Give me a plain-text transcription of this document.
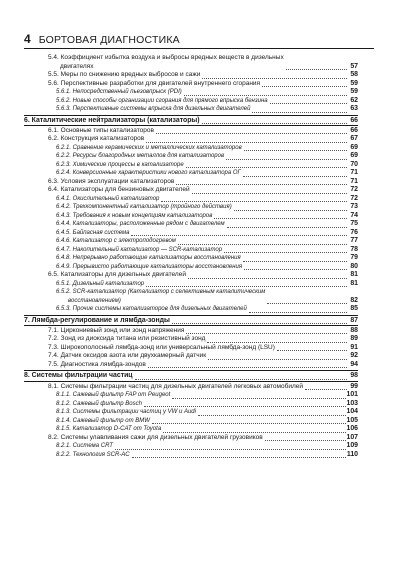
4 БОРТОВАЯ ДИАГНОСТИКА
5.4. Коэффициент избытка воздуха и выбросы вредных веществ в дизельных
двигателях	57
5.5. Меры по снижению вредных выбросов и сажи	58
5.6. Перспективные разработки для двигателей внутреннего сгорания	59
5.6.1. Непосредственный пьезовпрыск (PDI)	59
5.6.2. Новые способы организации сгорания для прямого впрыска бензина	62
5.6.3. Перспективные системы впрыска для дизельных двигателей	63
6. Каталитические нейтрализаторы (катализаторы)	66
6.1. Основные типы катализаторов	66
6.2. Конструкция катализаторов	67
6.2.1. Сравнение керамических и металлических катализаторов	69
6.2.2. Ресурсы благородных металлов для катализаторов	69
6.2.3. Химические процессы в катализаторе	70
6.2.4. Конверсионные характеристики нового катализатора OГ	71
6.3. Условия эксплуатации катализаторов	71
6.4. Катализаторы для бензиновых двигателей	72
6.4.1. Окислительный катализатор	72
6.4.2. Трехкомпонентный катализатор (тройного действия)	73
6.4.3. Требования к новым концепциям катализаторов	74
6.4.4. Катализаторы, расположенные рядом с двигателем	75
6.4.5. Байпасная система	76
6.4.6. Катализатор с электроподогревом	77
6.4.7. Накопительный катализатор — SCR-катализатор	78
6.4.8. Непрерывно работающие катализаторы восстановления	79
6.4.9. Прерывисто работающие катализаторы восстановления	80
6.5. Катализаторы для дизельных двигателей	81
6.5.1. Дизельный катализатор	81
6.5.2. SCR-катализатор (Катализатор с селективным каталитическим
восстановлением)	82
6.5.3. Прочие системы катализаторов для дизельных двигателей	85
7. Лямбда-регулирование и лямбда-зонды	87
7.1. Циркониевый зонд или зонд напряжения	88
7.2. Зонд из диоксида титана или резистивный зонд	89
7.3. Широкополосный лямбда-зонд или универсальный лямбда-зонд (LSU)	91
7.4. Датчик оксидов азота или двухкамерный датчик	92
7.5. Диагностика лямбда-зондов	94
8. Системы фильтрации частиц	98
8.1. Системы фильтрации частиц для дизельных двигателей легковых автомобилей	99
8.1.1. Сажевый фильтр FAP от Peugeot	101
8.1.2. Сажевый фильтр Bosch	103
8.1.3. Системы фильтрации частиц у VW и Audi	104
8.1.4. Сажевый фильтр от BMW	105
8.1.5. Катализатор D-CAT от Toyota	106
8.2. Системы улавливания сажи для дизельных двигателей грузовиков	107
8.2.1. Система CRT	109
8.2.2. Технология SCR-AC	110
